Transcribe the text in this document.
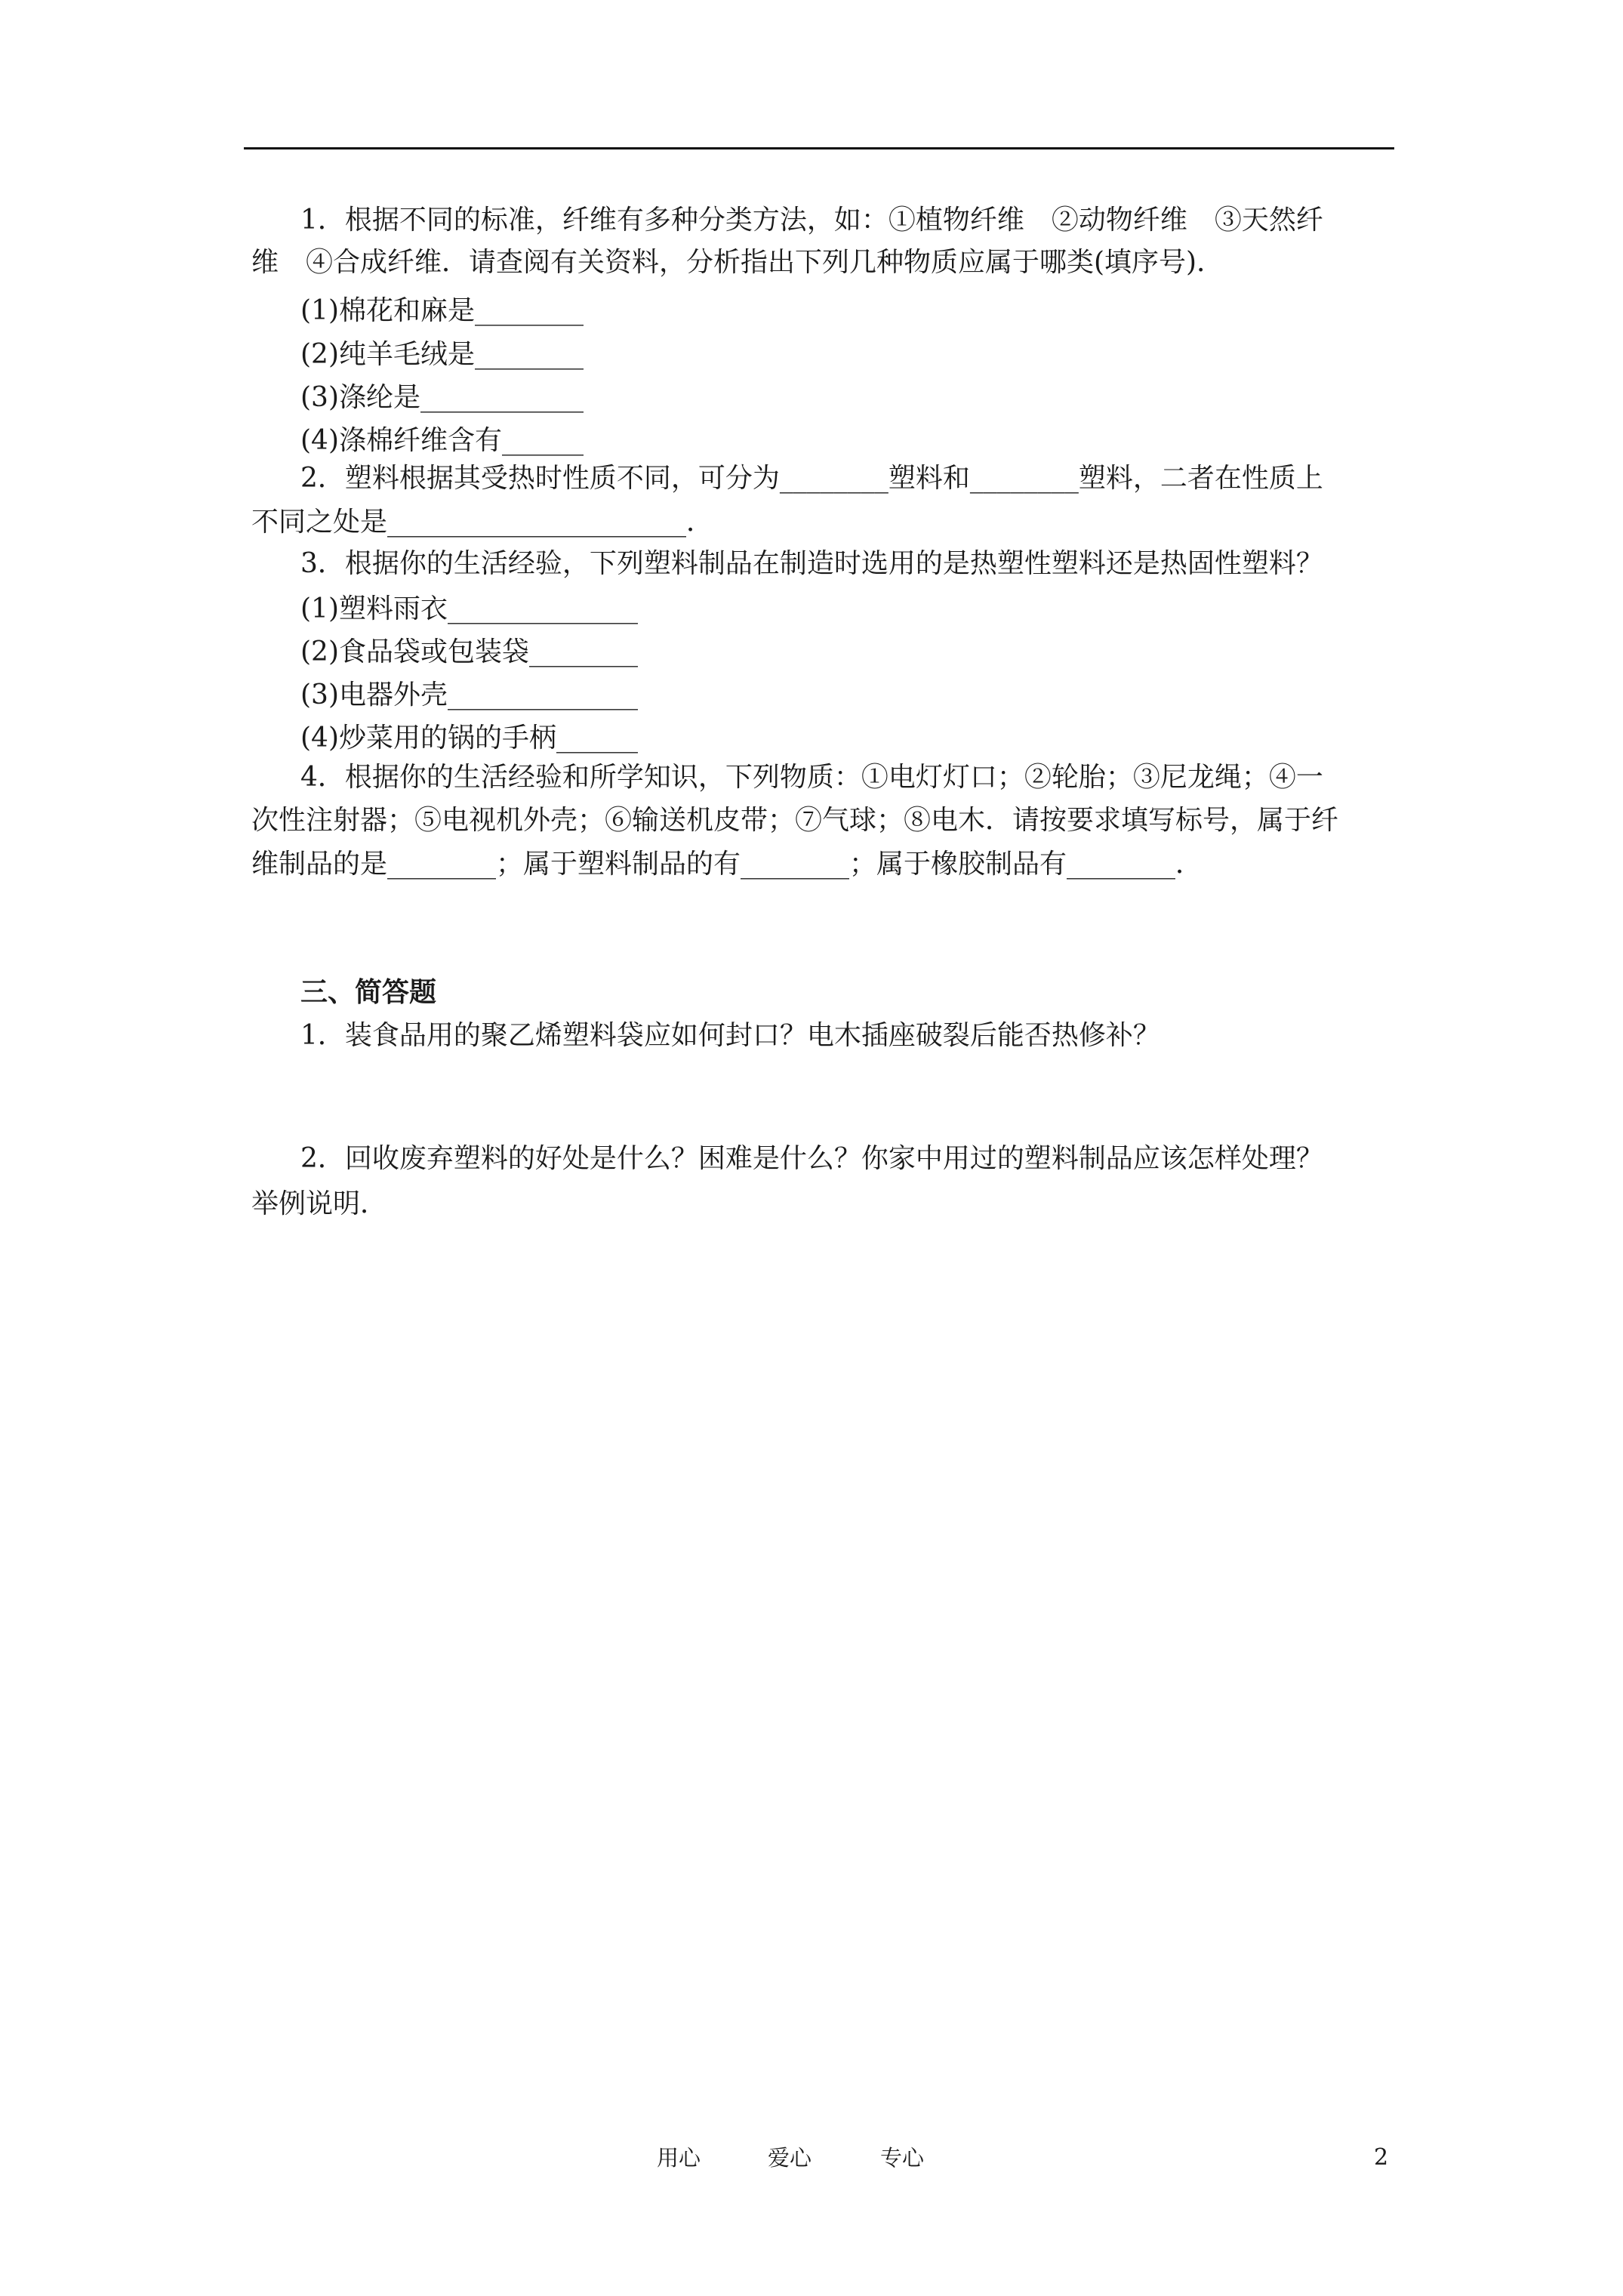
1．根据不同的标准，纤维有多种分类方法，如：①植物纤维　②动物纤维　③天然纤
维　④合成纤维．请查阅有关资料，分析指出下列几种物质应属于哪类(填序号)．
(1)棉花和麻是________
(2)纯羊毛绒是________
(3)涤纶是____________
(4)涤棉纤维含有______
2．塑料根据其受热时性质不同，可分为________塑料和________塑料，二者在性质上
不同之处是______________________．
3．根据你的生活经验，下列塑料制品在制造时选用的是热塑性塑料还是热固性塑料？
(1)塑料雨衣______________
(2)食品袋或包装袋________
(3)电器外壳______________
(4)炒菜用的锅的手柄______
4．根据你的生活经验和所学知识，下列物质：①电灯灯口；②轮胎；③尼龙绳；④一
次性注射器；⑤电视机外壳；⑥输送机皮带；⑦气球；⑧电木．请按要求填写标号，属于纤
维制品的是________；属于塑料制品的有________；属于橡胶制品有________．
三、简答题
1．装食品用的聚乙烯塑料袋应如何封口？电木插座破裂后能否热修补？
2．回收废弃塑料的好处是什么？困难是什么？你家中用过的塑料制品应该怎样处理？
举例说明．
用心	爱心	专心	2
